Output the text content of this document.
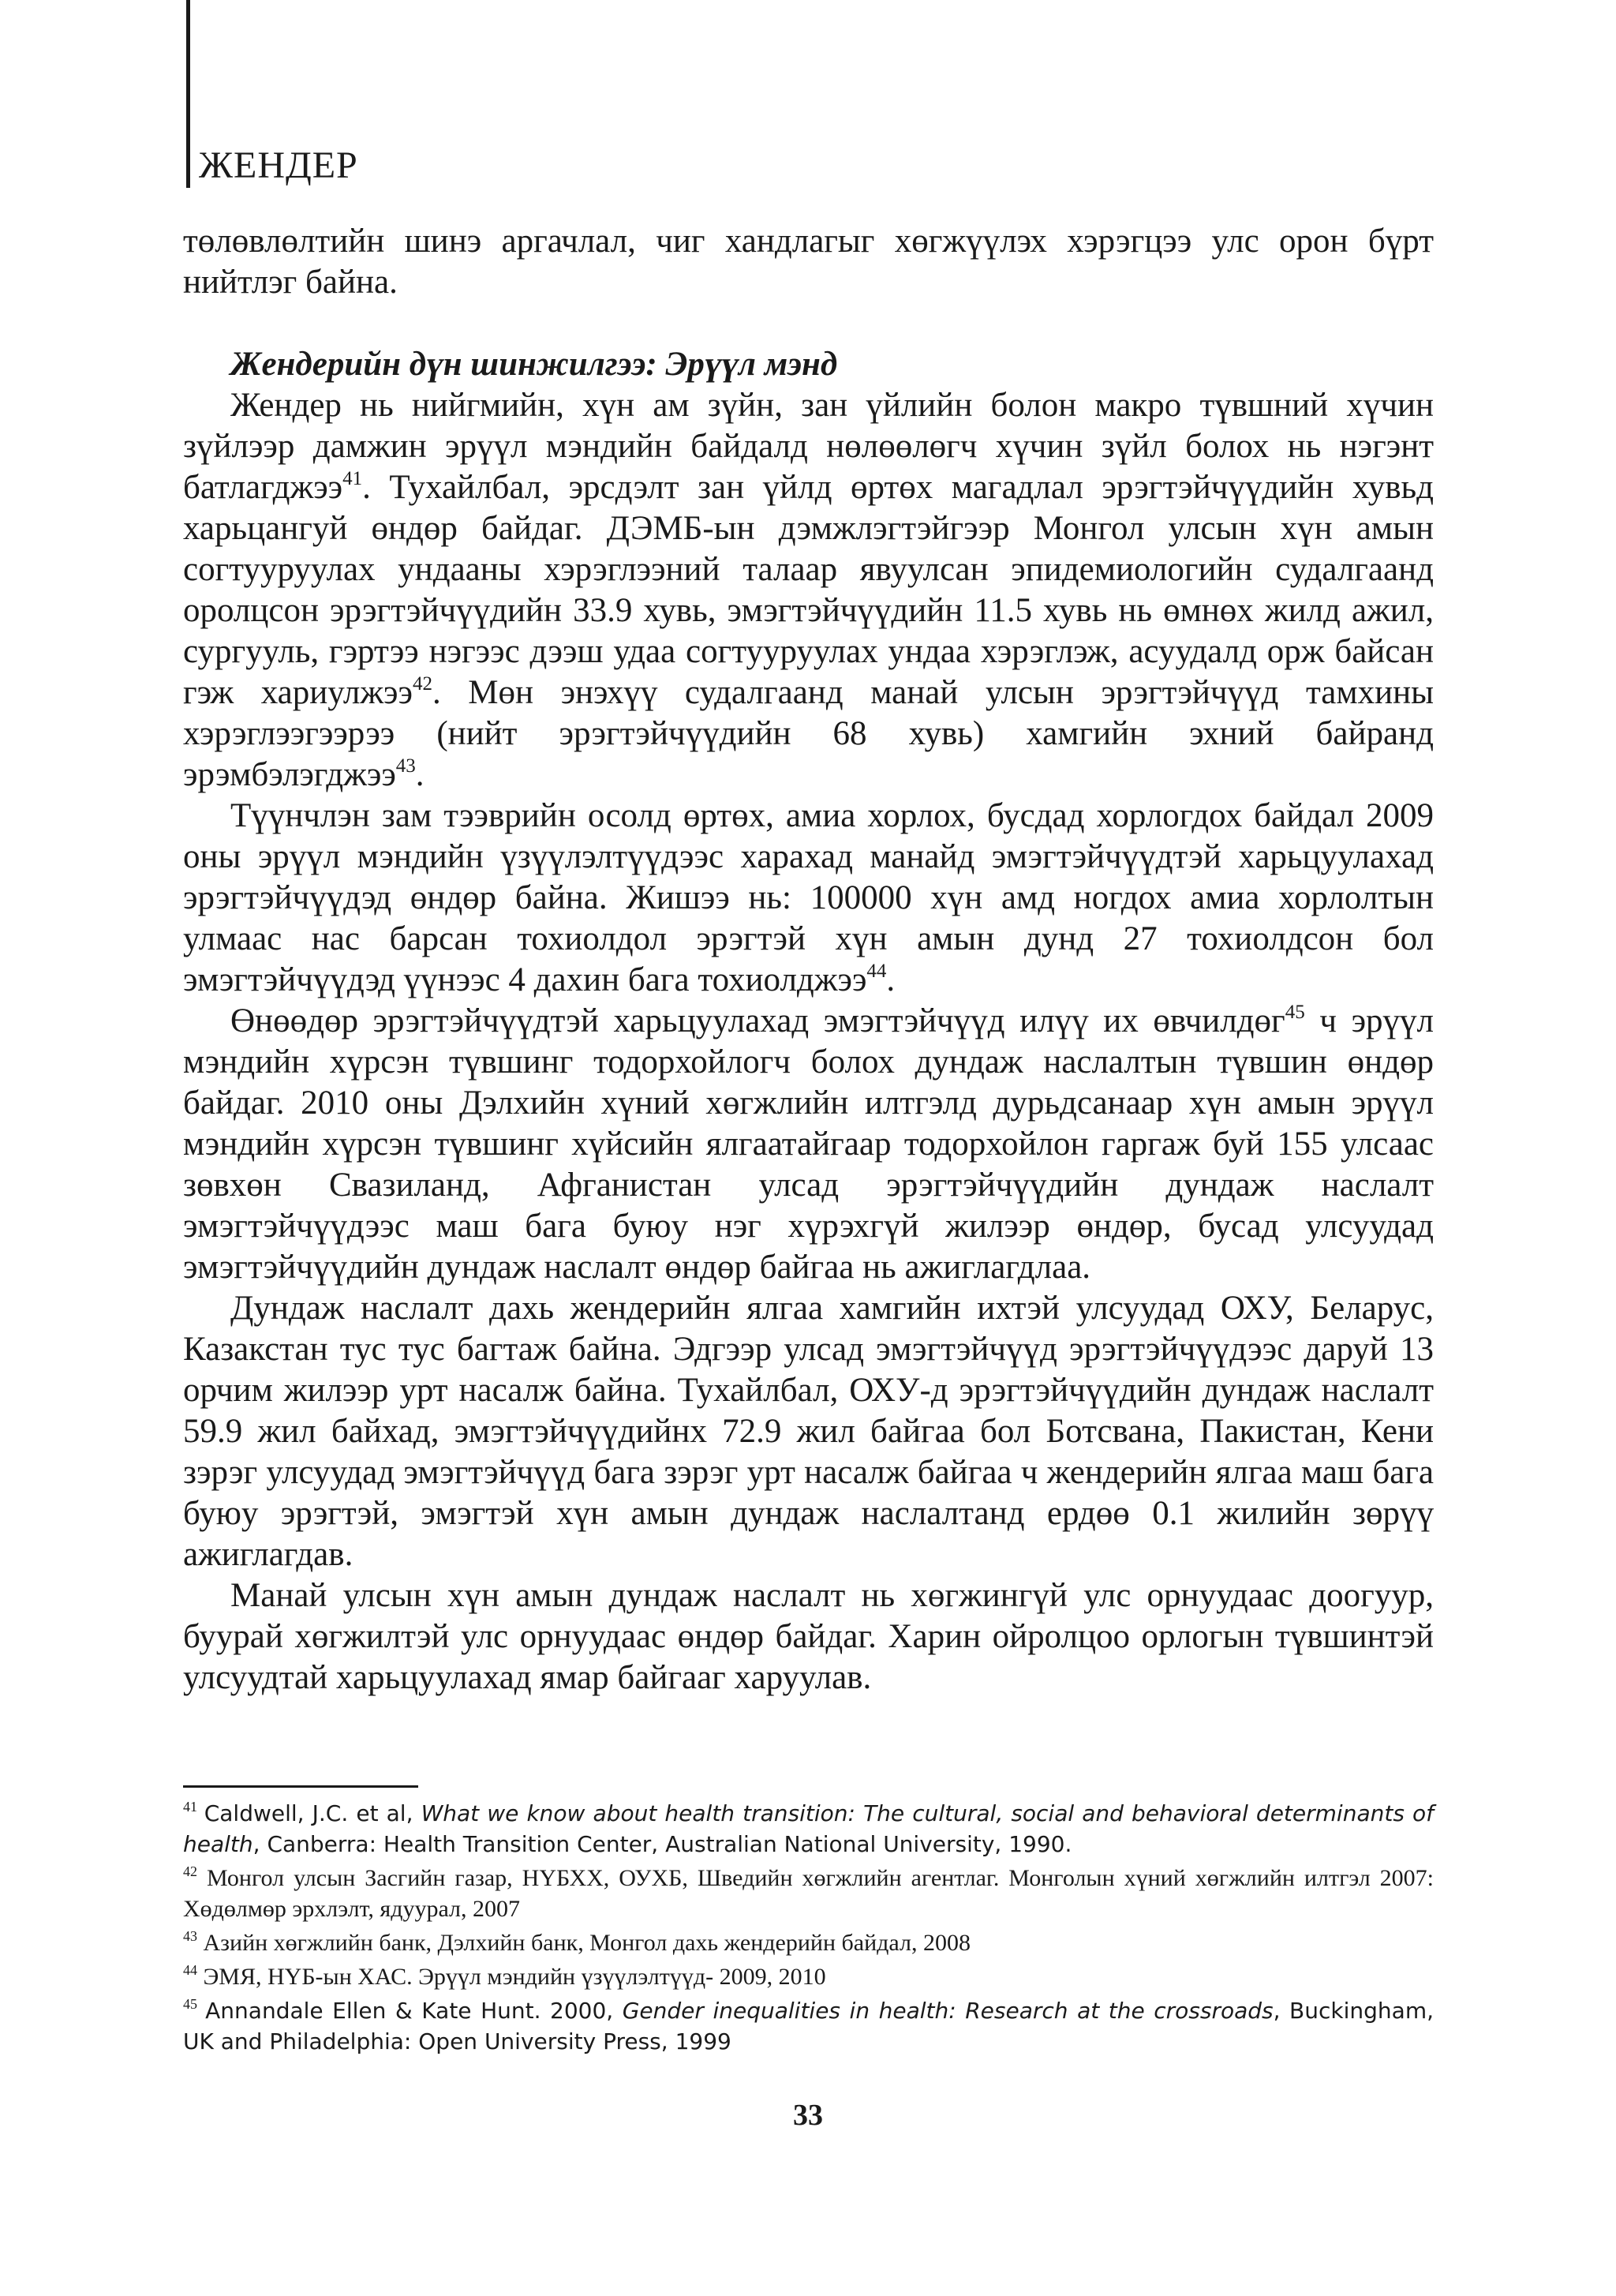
ЖЕНДЕР

төлөвлөлтийн шинэ аргачлал, чиг хандлагыг хөгжүүлэх хэрэгцээ улс орон бүрт нийтлэг байна.

Жендерийн дүн шинжилгээ: Эрүүл мэнд

Жендер нь нийгмийн, хүн ам зүйн, зан үйлийн болон макро түвшний хүчин зүйлээр дамжин эрүүл мэндийн байдалд нөлөөлөгч хүчин зүйл болох нь нэгэнт батлагджээ$^{41}$. Тухайлбал, эрсдэлт зан үйлд өртөх магадлал эрэгтэйчүүдийн хувьд харьцангуй өндөр байдаг. ДЭМБ-ын дэмжлэгтэйгээр Монгол улсын хүн амын согтууруулах ундааны хэрэглээний талаар явуулсан эпидемиологийн судалгаанд оролцсон эрэгтэйчүүдийн 33.9 хувь, эмэгтэйчүүдийн 11.5 хувь нь өмнөх жилд ажил, сургууль, гэртээ нэгээс дээш удаа согтууруулах ундаа хэрэглэж, асуудалд орж байсан гэж хариулжээ$^{42}$. Мөн энэхүү судалгаанд манай улсын эрэгтэйчүүд тамхины хэрэглээгээрээ (нийт эрэгтэйчүүдийн 68 хувь) хамгийн эхний байранд эрэмбэлэгджээ$^{43}$.

Түүнчлэн зам тээврийн осолд өртөх, амиа хорлох, бусдад хорлогдох байдал 2009 оны эрүүл мэндийн үзүүлэлтүүдээс харахад манайд эмэгтэйчүүдтэй харьцуулахад эрэгтэйчүүдэд өндөр байна. Жишээ нь: 100000 хүн амд ногдох амиа хорлолтын улмаас нас барсан тохиолдол эрэгтэй хүн амын дунд 27 тохиолдсон бол эмэгтэйчүүдэд үүнээс 4 дахин бага тохиолджээ$^{44}$.

Өнөөдөр эрэгтэйчүүдтэй харьцуулахад эмэгтэйчүүд илүү их өвчилдөг$^{45}$ ч эрүүл мэндийн хүрсэн түвшинг тодорхойлогч болох дундаж наслалтын түвшин өндөр байдаг. 2010 оны Дэлхийн хүний хөгжлийн илтгэлд дурьдсанаар хүн амын эрүүл мэндийн хүрсэн түвшинг хүйсийн ялгаатайгаар тодорхойлон гаргаж буй 155 улсаас зөвхөн Свазиланд, Афганистан улсад эрэгтэйчүүдийн дундаж наслалт эмэгтэйчүүдээс маш бага буюу нэг хүрэхгүй жилээр өндөр, бусад улсуудад эмэгтэйчүүдийн дундаж наслалт өндөр байгаа нь ажиглагдлаа.

Дундаж наслалт дахь жендерийн ялгаа хамгийн ихтэй улсуудад ОХУ, Беларус, Казакстан тус тус багтаж байна. Эдгээр улсад эмэгтэйчүүд эрэгтэйчүүдээс даруй 13 орчим жилээр урт насалж байна. Тухайлбал, ОХУ-д эрэгтэйчүүдийн дундаж наслалт 59.9 жил байхад, эмэгтэйчүүдийнх 72.9 жил байгаа бол Ботсвана, Пакистан, Кени зэрэг улсуудад эмэгтэйчүүд бага зэрэг урт насалж байгаа ч жендерийн ялгаа маш бага буюу эрэгтэй, эмэгтэй хүн амын дундаж наслалтанд ердөө 0.1 жилийн зөрүү ажиглагдав.

Манай улсын хүн амын дундаж наслалт нь хөгжингүй улс орнуудаас доогуур, буурай хөгжилтэй улс орнуудаас өндөр байдаг. Харин ойролцоо орлогын түвшинтэй улсуудтай харьцуулахад ямар байгааг харуулав.

$^{41}$ Caldwell, J.C. et al, What we know about health transition: The cultural, social and behavioral determinants of health, Canberra: Health Transition Center, Australian National University, 1990.

$^{42}$ Монгол улсын Засгийн газар, НҮБХХ, ОУХБ, Шведийн хөгжлийн агентлаг. Монголын хүний хөгжлийн илтгэл 2007: Хөдөлмөр эрхлэлт, ядуурал, 2007

$^{43}$ Азийн хөгжлийн банк, Дэлхийн банк, Монгол дахь жендерийн байдал, 2008

$^{44}$ ЭМЯ, НҮБ-ын ХАС. Эрүүл мэндийн үзүүлэлтүүд- 2009, 2010

$^{45}$ Annandale Ellen & Kate Hunt. 2000, Gender inequalities in health: Research at the crossroads, Buckingham, UK and Philadelphia: Open University Press, 1999

33
